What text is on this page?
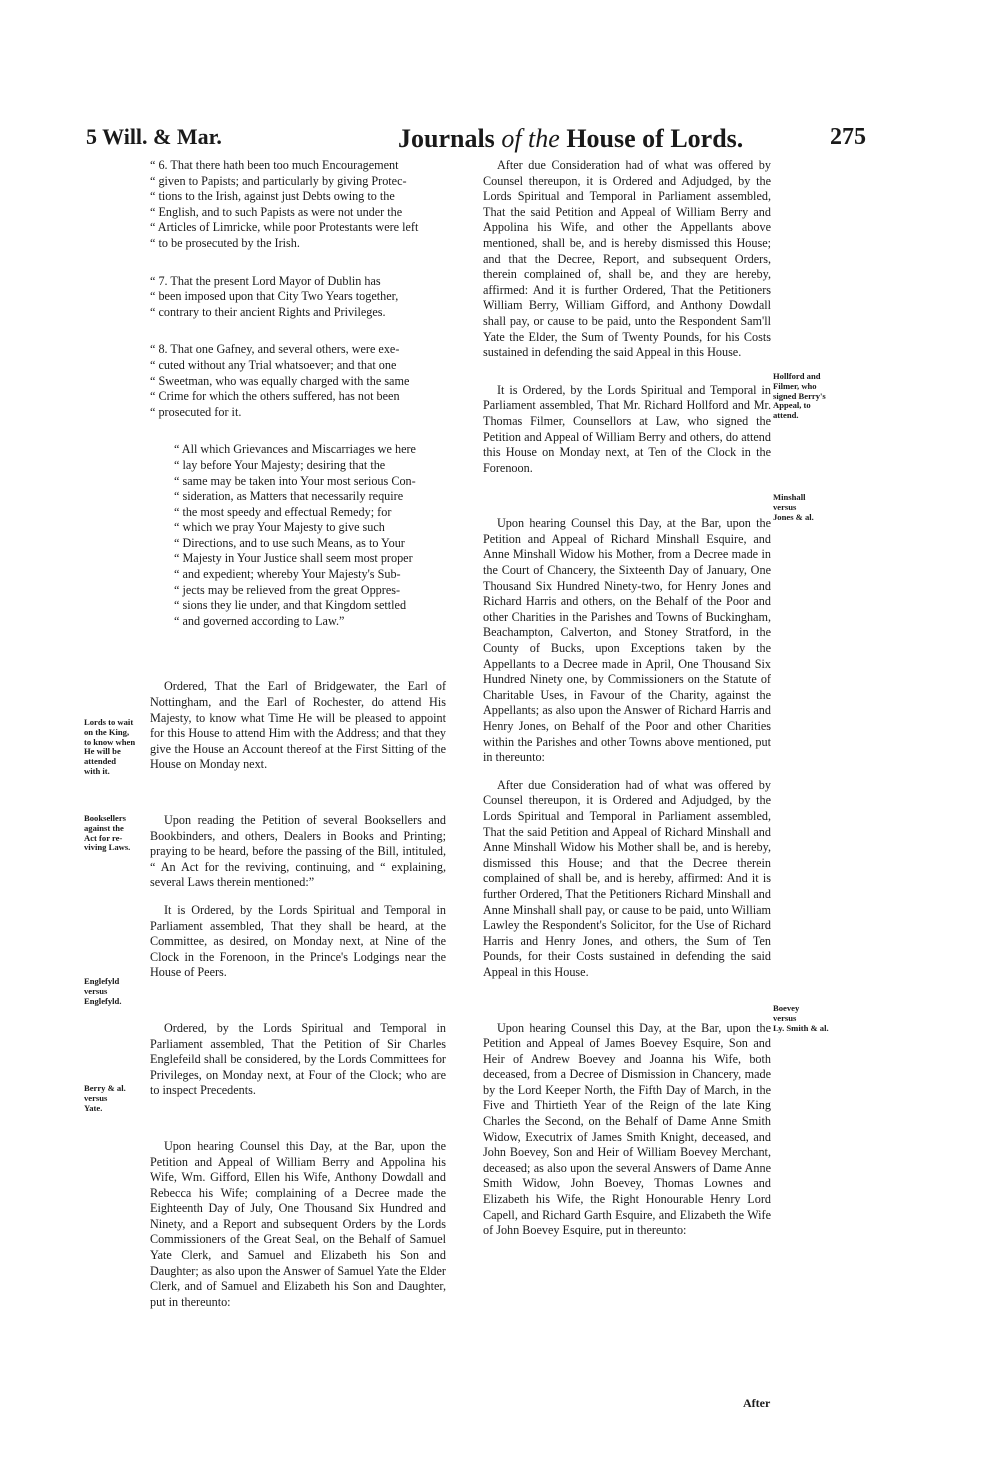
5 Will. & Mar.	Journals of the House of Lords.	275

“ 6. That there hath been too much Encouragement
“ given to Papists; and particularly by giving Protec-
“ tions to the Irish, against just Debts owing to the
“ English, and to such Papists as were not under the
“ Articles of Limricke, while poor Protestants were left
“ to be prosecuted by the Irish.

“ 7. That the present Lord Mayor of Dublin has
“ been imposed upon that City Two Years together,
“ contrary to their ancient Rights and Privileges.

“ 8. That one Gafney, and several others, were exe-
“ cuted without any Trial whatsoever; and that one
“ Sweetman, who was equally charged with the same
“ Crime for which the others suffered, has not been
“ prosecuted for it.

“ All which Grievances and Miscarriages we here
“ lay before Your Majesty; desiring that the
“ same may be taken into Your most serious Con-
“ sideration, as Matters that necessarily require
“ the most speedy and effectual Remedy; for
“ which we pray Your Majesty to give such
“ Directions, and to use such Means, as to Your
“ Majesty in Your Justice shall seem most proper
“ and expedient; whereby Your Majesty's Sub-
“ jects may be relieved from the great Oppres-
“ sions they lie under, and that Kingdom settled
“ and governed according to Law.”

Ordered, That the Earl of Bridgewater, the Earl of Nottingham, and the Earl of Rochester, do attend His Majesty, to know what Time He will be pleased to appoint for this House to attend Him with the Address; and that they give the House an Account thereof at the First Sitting of the House on Monday next.

Upon reading the Petition of several Booksellers and Bookbinders, and others, Dealers in Books and Printing; praying to be heard, before the passing of the Bill, intituled, “ An Act for the reviving, continuing, and “ explaining, several Laws therein mentioned:”

It is Ordered, by the Lords Spiritual and Temporal in Parliament assembled, That they shall be heard, at the Committee, as desired, on Monday next, at Nine of the Clock in the Forenoon, in the Prince's Lodgings near the House of Peers.

Ordered, by the Lords Spiritual and Temporal in Parliament assembled, That the Petition of Sir Charles Englefeild shall be considered, by the Lords Committees for Privileges, on Monday next, at Four of the Clock; who are to inspect Precedents.

Upon hearing Counsel this Day, at the Bar, upon the Petition and Appeal of William Berry and Appolina his Wife, Wm. Gifford, Ellen his Wife, Anthony Dowdall and Rebecca his Wife; complaining of a Decree made the Eighteenth Day of July, One Thousand Six Hundred and Ninety, and a Report and subsequent Orders by the Lords Commissioners of the Great Seal, on the Behalf of Samuel Yate Clerk, and Samuel and Elizabeth his Son and Daughter; as also upon the Answer of Samuel Yate the Elder Clerk, and of Samuel and Elizabeth his Son and Daughter, put in thereunto:

After due Consideration had of what was offered by Counsel thereupon, it is Ordered and Adjudged, by the Lords Spiritual and Temporal in Parliament assembled, That the said Petition and Appeal of William Berry and Appolina his Wife, and other the Appellants above mentioned, shall be, and is hereby dismissed this House; and that the Decree, Report, and subsequent Orders, therein complained of, shall be, and they are hereby, affirmed: And it is further Ordered, That the Petitioners William Berry, William Gifford, and Anthony Dowdall shall pay, or cause to be paid, unto the Respondent Sam'll Yate the Elder, the Sum of Twenty Pounds, for his Costs sustained in defending the said Appeal in this House.

It is Ordered, by the Lords Spiritual and Temporal in Parliament assembled, That Mr. Richard Hollford and Mr. Thomas Filmer, Counsellors at Law, who signed the Petition and Appeal of William Berry and others, do attend this House on Monday next, at Ten of the Clock in the Forenoon.

Upon hearing Counsel this Day, at the Bar, upon the Petition and Appeal of Richard Minshall Esquire, and Anne Minshall Widow his Mother, from a Decree made in the Court of Chancery, the Sixteenth Day of January, One Thousand Six Hundred Ninety-two, for Henry Jones and Richard Harris and others, on the Behalf of the Poor and other Charities in the Parishes and Towns of Buckingham, Beachampton, Calverton, and Stoney Stratford, in the County of Bucks, upon Exceptions taken by the Appellants to a Decree made in April, One Thousand Six Hundred Ninety one, by Commissioners on the Statute of Charitable Uses, in Favour of the Charity, against the Appellants; as also upon the Answer of Richard Harris and Henry Jones, on Behalf of the Poor and other Charities within the Parishes and other Towns above mentioned, put in thereunto:

After due Consideration had of what was offered by Counsel thereupon, it is Ordered and Adjudged, by the Lords Spiritual and Temporal in Parliament assembled, That the said Petition and Appeal of Richard Minshall and Anne Minshall Widow his Mother shall be, and is hereby, dismissed this House; and that the Decree therein complained of shall be, and is hereby, affirmed: And it is further Ordered, That the Petitioners Richard Minshall and Anne Minshall shall pay, or cause to be paid, unto William Lawley the Respondent's Solicitor, for the Use of Richard Harris and Henry Jones, and others, the Sum of Ten Pounds, for their Costs sustained in defending the said Appeal in this House.

Upon hearing Counsel this Day, at the Bar, upon the Petition and Appeal of James Boevey Esquire, Son and Heir of Andrew Boevey and Joanna his Wife, both deceased, from a Decree of Dismission in Chancery, made by the Lord Keeper North, the Fifth Day of March, in the Five and Thirtieth Year of the Reign of the late King Charles the Second, on the Behalf of Dame Anne Smith Widow, Executrix of James Smith Knight, deceased, and John Boevey, Son and Heir of William Boevey Merchant, deceased; as also upon the several Answers of Dame Anne Smith Widow, John Boevey, Thomas Lownes and Elizabeth his Wife, the Right Honourable Henry Lord Capell, and Richard Garth Esquire, and Elizabeth the Wife of John Boevey Esquire, put in thereunto:

Lords to wait
on the King,
to know when
He will be
attended
with it.
Booksellers
against the
Act for re-
viving Laws.
Englefyld
versus
Englefyld.
Berry & al.
versus
Yate.
Hollford and
Filmer, who
signed Berry's
Appeal, to
attend.
Minshall
versus
Jones & al.
Boevey
versus
Ly. Smith & al.
After
